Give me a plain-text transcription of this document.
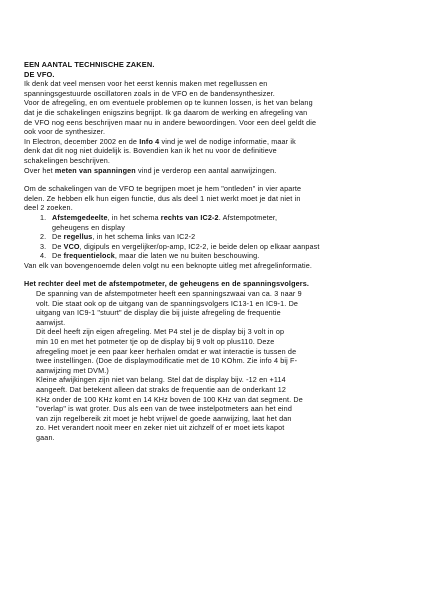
EEN AANTAL TECHNISCHE ZAKEN.

DE VFO.

Ik denk dat veel mensen voor het eerst kennis maken met regellussen en

spanningsgestuurde oscillatoren zoals in de VFO en de bandensynthesizer.

Voor de afregeling, en om eventuele problemen op te kunnen lossen, is het van belang

dat je die schakelingen enigszins begrijpt. Ik ga daarom de werking en afregeling van

de VFO nog eens beschrijven maar nu in andere bewoordingen. Voor een deel geldt die

ook voor de synthesizer.

In Electron, december 2002 en de Info 4 vind je wel de nodige informatie, maar ik

denk dat dit nog niet duidelijk is. Bovendien kan ik het nu voor de definitieve

schakelingen beschrijven.

Over het meten van spanningen vind je verderop een aantal aanwijzingen.

Om de schakelingen van de VFO te begrijpen moet je hem "ontleden" in vier aparte

delen. Ze hebben elk hun eigen functie, dus als deel 1 niet werkt moet je dat niet in

deel 2 zoeken.

1. Afstemgedeelte, in het schema rechts van IC2-2. Afstempotmeter,
geheugens en display
2. De regellus, in het schema links van IC2-2
3. De VCO, digipuls en vergelijker/op-amp, IC2-2, ie beide delen op elkaar aanpast
4. De frequentielock, maar die laten we nu buiten beschouwing.

Van elk van bovengenoemde delen volgt nu een beknopte uitleg met afregelinformatie.

Het rechter deel met de afstempotmeter, de geheugens en de spanningsvolgers.

De spanning van de afstempotmeter heeft een spanningszwaai van ca. 3 naar 9

volt. Die staat ook op de uitgang van de spanningsvolgers IC13-1 en IC9-1. De

uitgang van IC9-1 "stuurt" de display die bij juiste afregeling de frequentie

aanwijst.

Dit deel heeft zijn eigen afregeling. Met P4 stel je de display bij 3 volt in op

min 10 en met het potmeter tje op de display bij 9 volt op plus110. Deze

afregeling moet je een paar keer herhalen omdat er wat interactie is tussen de

twee instellingen. (Doe de displaymodificatie met de 10 KOhm. Zie info 4 bij F-

aanwijzing met DVM.)

Kleine afwijkingen zijn niet van belang. Stel dat de display bijv. -12 en +114

aangeeft. Dat betekent alleen dat straks de frequentie aan de onderkant 12

KHz onder de 100 KHz komt en 14 KHz boven de 100 KHz van dat segment. De

"overlap" is wat groter. Dus als een van de twee instelpotmeters aan het eind

van zijn regelbereik zit moet je hebt vrijwel de goede aanwijzing, laat het dan

zo. Het verandert nooit meer en zeker niet uit zichzelf of er moet iets kapot

gaan.
